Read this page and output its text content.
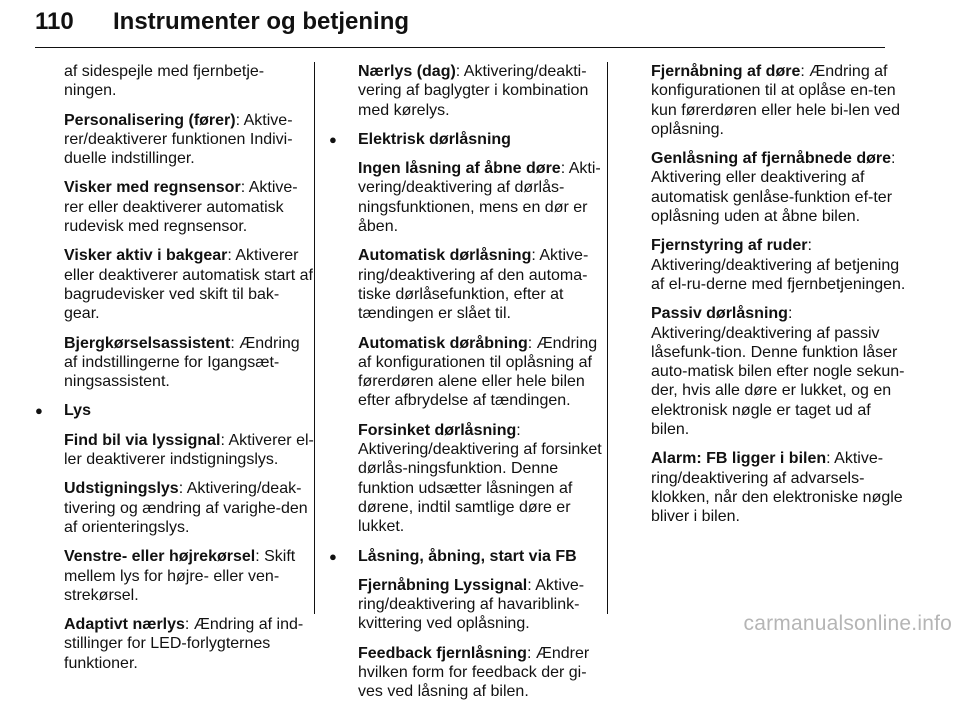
110 Instrumenter og betjening

af sidespejle med fjernbetje-ningen.

Personalisering (fører): Aktive-rer/deaktiverer funktionen Indivi-duelle indstillinger.

Visker med regnsensor: Aktive-rer eller deaktiverer automatisk rudevisk med regnsensor.

Visker aktiv i bakgear: Aktiverer eller deaktiverer automatisk start af bagrudevisker ved skift til bak-gear.

Bjergkørselsassistent: Ændring af indstillingerne for Igangsæt-ningsassistent.

● Lys

Find bil via lyssignal: Aktiverer el-ler deaktiverer indstigningslys.

Udstigningslys: Aktivering/deak-tivering og ændring af varighe-den af orienteringslys.

Venstre- eller højrekørsel: Skift mellem lys for højre- eller ven-strekørsel.

Adaptivt nærlys: Ændring af ind-stillinger for LED-forlygternes funktioner.

Nærlys (dag): Aktivering/deakti-vering af baglygter i kombination med kørelys.

● Elektrisk dørlåsning

Ingen låsning af åbne døre: Akti-vering/deaktivering af dørlås-ningsfunktionen, mens en dør er åben.

Automatisk dørlåsning: Aktive-ring/deaktivering af den automa-tiske dørlåsefunktion, efter at tændingen er slået til.

Automatisk døråbning: Ændring af konfigurationen til oplåsning af førerdøren alene eller hele bilen efter afbrydelse af tændingen.

Forsinket dørlåsning: Aktivering/deaktivering af forsinket dørlås-ningsfunktion. Denne funktion udsætter låsningen af dørene, indtil samtlige døre er lukket.

● Låsning, åbning, start via FB

Fjernåbning Lyssignal: Aktive-ring/deaktivering af havariblink-kvittering ved oplåsning.

Feedback fjernlåsning: Ændrer hvilken form for feedback der gi-ves ved låsning af bilen.

Fjernåbning af døre: Ændring af konfigurationen til at oplåse en-ten kun førerdøren eller hele bi-len ved oplåsning.

Genlåsning af fjernåbnede døre: Aktivering eller deaktivering af automatisk genlåse-funktion ef-ter oplåsning uden at åbne bilen.

Fjernstyring af ruder: Aktivering/deaktivering af betjening af el-ru-derne med fjernbetjeningen.

Passiv dørlåsning: Aktivering/deaktivering af passiv låsefunk-tion. Denne funktion låser auto-matisk bilen efter nogle sekun-der, hvis alle døre er lukket, og en elektronisk nøgle er taget ud af bilen.

Alarm: FB ligger i bilen: Aktive-ring/deaktivering af advarsels-klokken, når den elektroniske nøgle bliver i bilen.

carmanualsonline.info
